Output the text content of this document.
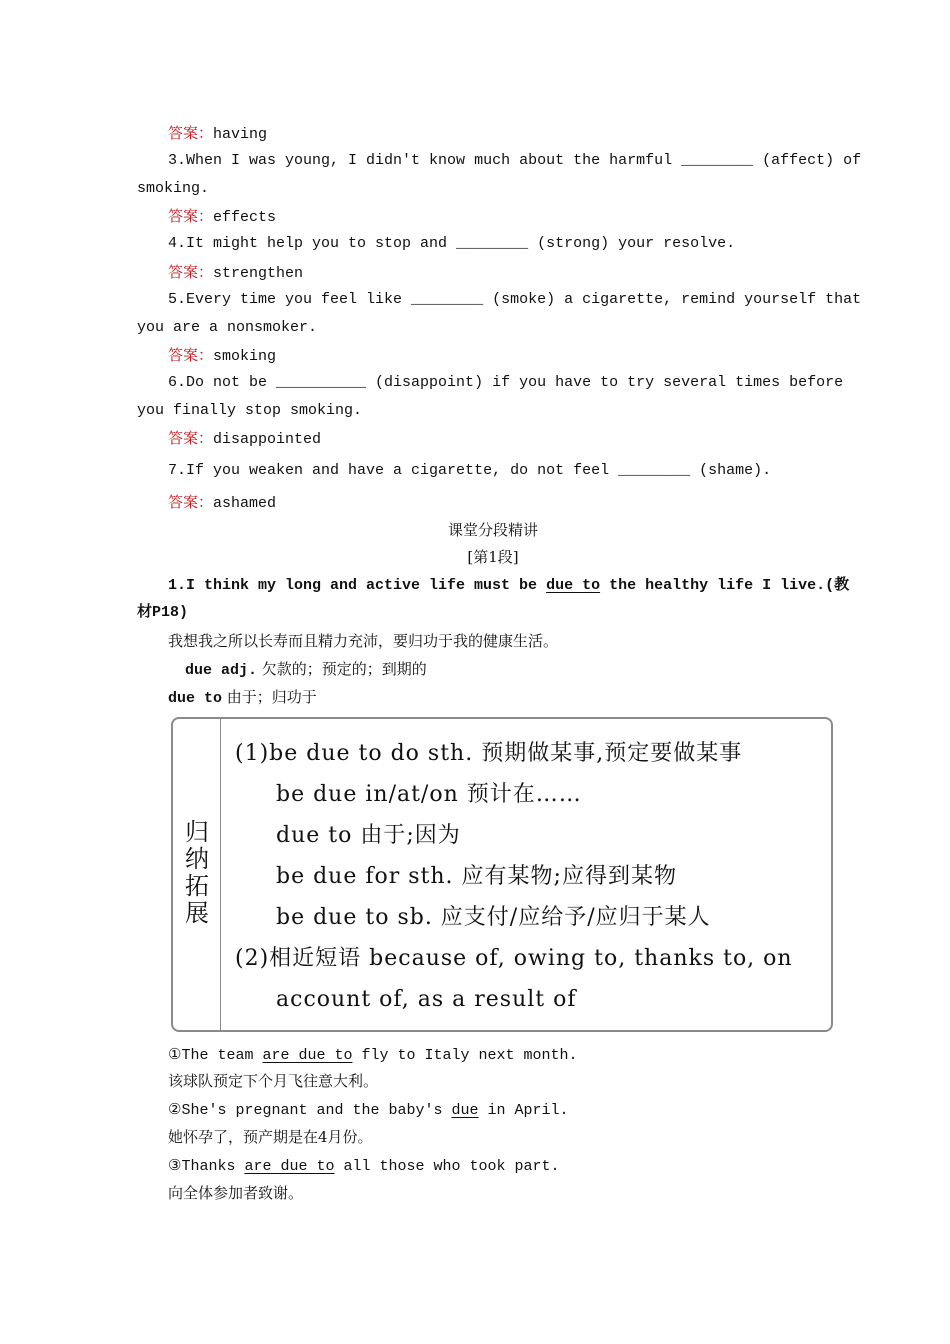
答案：having
3.When I was young, I didn't know much about the harmful ________ (affect) of
smoking.
答案：effects
4.It might help you to stop and ________ (strong) your resolve.
答案：strengthen
5.Every time you feel like ________ (smoke) a cigarette, remind yourself that
you are a nonsmoker.
答案：smoking
6.Do not be __________ (disappoint) if you have to try several times before
you finally stop smoking.
答案：disappointed
7.If you weaken and have a cigarette, do not feel ________ (shame).
答案：ashamed
课堂分段精讲
[第1段]
1.I think my long and active life must be due to the healthy life I live.(教
材P18)
我想我之所以长寿而且精力充沛，要归功于我的健康生活。
due adj. 欠款的；预定的；到期的
due to 由于；归功于
归
纳
拓
展
(1)be due to do sth. 预期做某事,预定要做某事
be due in/at/on 预计在……
due to 由于;因为
be due for sth. 应有某物;应得到某物
be due to sb. 应支付/应给予/应归于某人
(2)相近短语 because of, owing to, thanks to, on
account of, as a result of
①The team are due to fly to Italy next month.
该球队预定下个月飞往意大利。
②She's pregnant and the baby's due in April.
她怀孕了，预产期是在4月份。
③Thanks are due to all those who took part.
向全体参加者致谢。
